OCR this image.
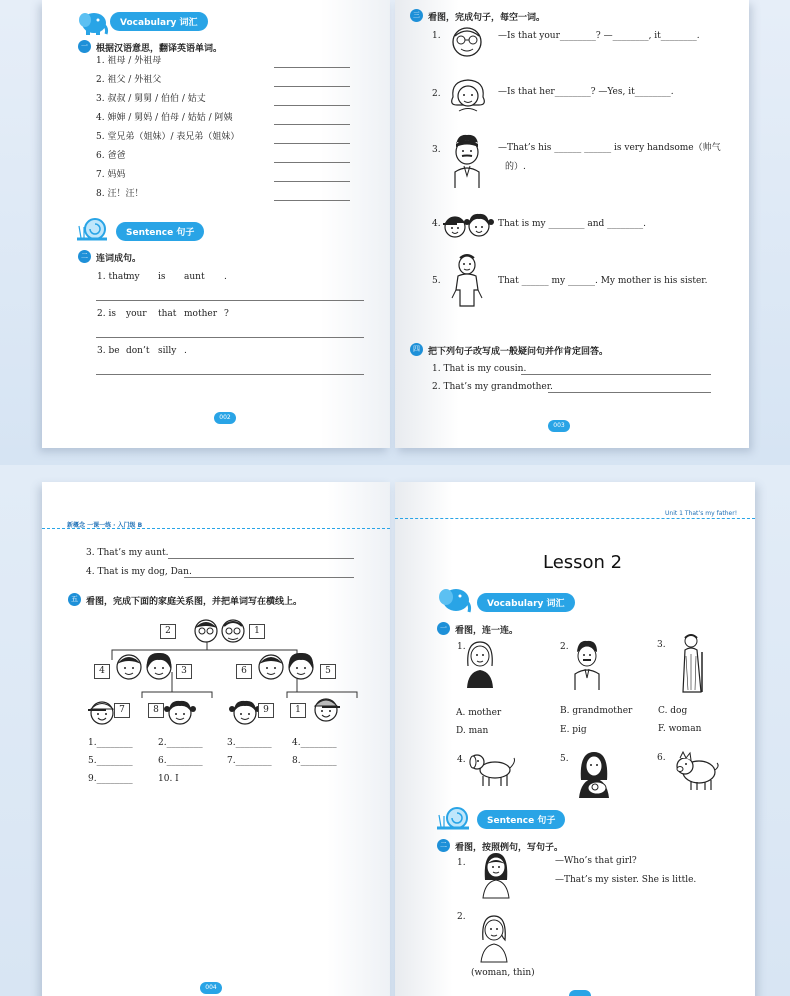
Vocabulary 词汇
一 根据汉语意思，翻译英语单词。
1. 祖母 / 外祖母
2. 祖父 / 外祖父
3. 叔叔 / 舅舅 / 伯伯 / 姑丈
4. 婶婶 / 舅妈 / 伯母 / 姑姑 / 阿姨
5. 堂兄弟（姐妹）/ 表兄弟（姐妹）
6. 爸爸
7. 妈妈
8. 汪！汪！
Sentence 句子
二 连词成句。
1. that my is aunt .
2. is your that mother ?
3. be don’t silly .
002
三 看图，完成句子，每空一词。
1.	—Is that your________? —________, it________.
2.	—Is that her________? —Yes, it________.
3.	—That’s his ______ ______ is very handsome（帅气
的）.
4.	That is my ________ and ________.
5.	That ______ my ______. My mother is his sister.
四 把下列句子改写成一般疑问句并作肯定回答。
1. That is my cousin.
2. That’s my grandmother.
003
新概念 一课一练 · 入门级 B
3. That’s my aunt.
4. That is my dog, Dan.
五 看图，完成下面的家庭关系图，并把单词写在横线上。
2	1
4	3	6	5
7	8	9	1
1.________	2.________	3.________ 4.________
5.________	6.________	7.________ 8.________
9.________	10. I
004
Unit 1 That’s my father!
Lesson 2
Vocabulary 词汇
一 看图，连一连。
1.	2.	3.
A. mother	B. grandmother	C. dog
D. man	E. pig	F. woman
4.	5.	6.
Sentence 句子
二 看图，按照例句，写句子。
1.	—Who’s that girl?
—That’s my sister. She is little.
2.
(woman, thin)
